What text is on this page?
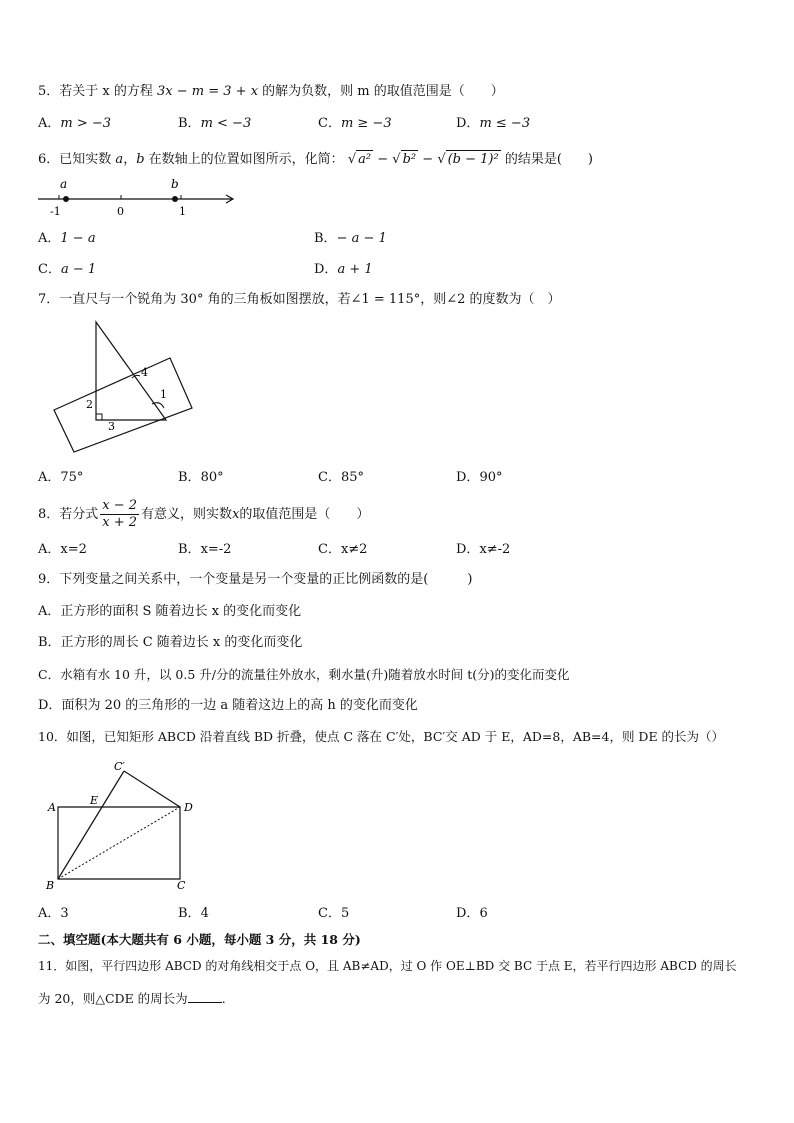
5．若关于 x 的方程 3x − m = 3 + x 的解为负数，则 m 的取值范围是（　　）
A．m > −3	B．m < −3	C．m ≥ −3	D．m ≤ −3
6．已知实数 a，b 在数轴上的位置如图所示，化简： √ a² − √ b² − √ (b − 1)² 的结果是(　　)
a	b
-1	0	1
A．1 − a	B．− a − 1
C．a − 1	D．a + 1
7．一直尺与一个锐角为 30° 角的三角板如图摆放，若∠1 = 115°，则∠2 的度数为（　）
4
1
2
3
A．75°	B．80°	C．85°	D．90°
8．若分式 $\frac{x - 2}{x + 2}$ 有意义，则实数x的取值范围是（　　）
A．x=2	B．x=-2	C．x≠2	D．x≠-2
9．下列变量之间关系中，一个变量是另一个变量的正比例函数的是(　　　)
A．正方形的面积 S 随着边长 x 的变化而变化
B．正方形的周长 C 随着边长 x 的变化而变化
C．水箱有水 10 升，以 0.5 升/分的流量往外放水，剩水量(升)随着放水时间 t(分)的变化而变化
D．面积为 20 的三角形的一边 a 随着这边上的高 h 的变化而变化
10．如图，已知矩形 ABCD 沿着直线 BD 折叠，使点 C 落在 C′处，BC′交 AD 于 E，AD=8，AB=4，则 DE 的长为（）
A	D
B	C
E
C′
A．3	B．4	C．5	D．6
二、填空题(本大题共有 6 小题，每小题 3 分，共 18 分)
11．如图，平行四边形 ABCD 的对角线相交于点 O，且 AB≠AD，过 O 作 OE⊥BD 交 BC 于点 E，若平行四边形 ABCD 的周长
为 20，则△CDE 的周长为	.
